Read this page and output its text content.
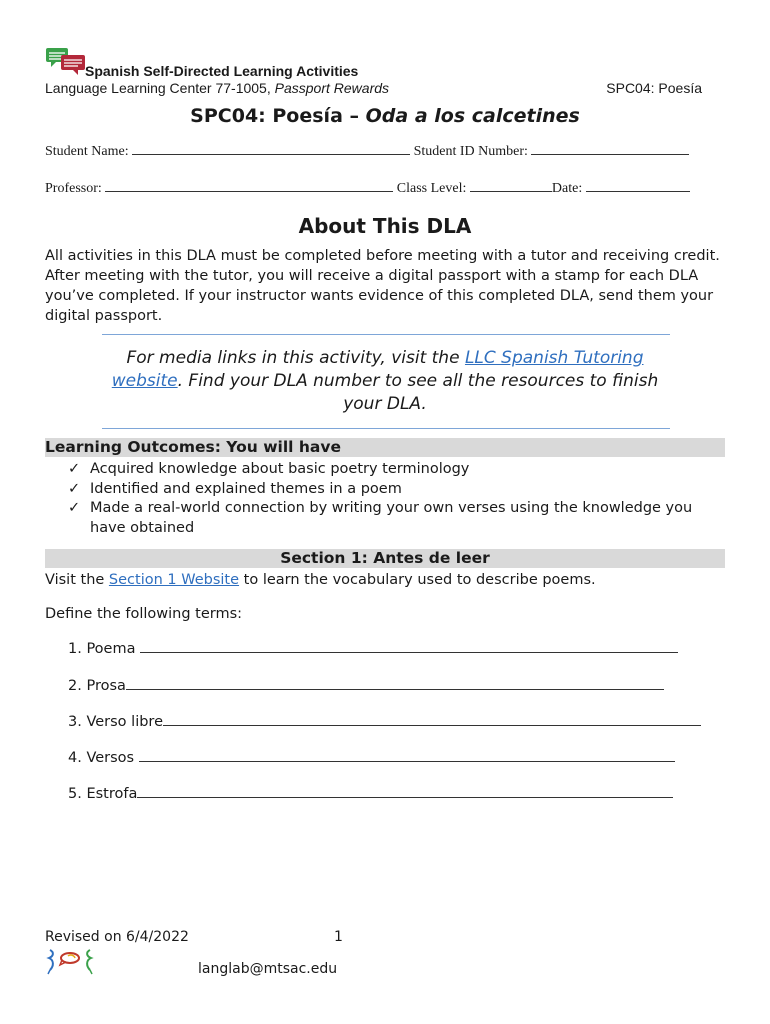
Spanish Self-Directed Learning Activities
Language Learning Center 77-1005, Passport Rewards	SPC04: Poesía
SPC04: Poesía – Oda a los calcetines
Student Name:	Student ID Number:
Professor:	Class Level:	Date:
About This DLA
All activities in this DLA must be completed before meeting with a tutor and receiving credit. After meeting with the tutor, you will receive a digital passport with a stamp for each DLA you’ve completed. If your instructor wants evidence of this completed DLA, send them your digital passport.
For media links in this activity, visit the LLC Spanish Tutoring website. Find your DLA number to see all the resources to finish your DLA.
Learning Outcomes: You will have
✓ Acquired knowledge about basic poetry terminology
✓ Identified and explained themes in a poem
✓ Made a real-world connection by writing your own verses using the knowledge you have obtained
Section 1: Antes de leer
Visit the Section 1 Website to learn the vocabulary used to describe poems.
Define the following terms:
1. Poema
2. Prosa
3. Verso libre
4. Versos
5. Estrofa
Revised on 6/4/2022	1
langlab@mtsac.edu
